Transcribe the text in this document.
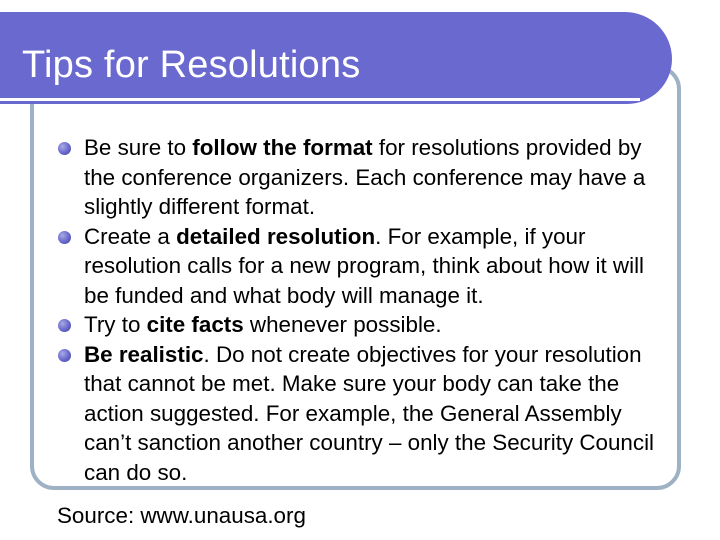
Tips for Resolutions
Be sure to follow the format for resolutions provided by the conference organizers. Each conference may have a slightly different format.
Create a detailed resolution. For example, if your resolution calls for a new program, think about how it will be funded and what body will manage it.
Try to cite facts whenever possible.
Be realistic. Do not create objectives for your resolution that cannot be met. Make sure your body can take the action suggested. For example, the General Assembly can’t sanction another country – only the Security Council can do so.

Source: www.unausa.org
